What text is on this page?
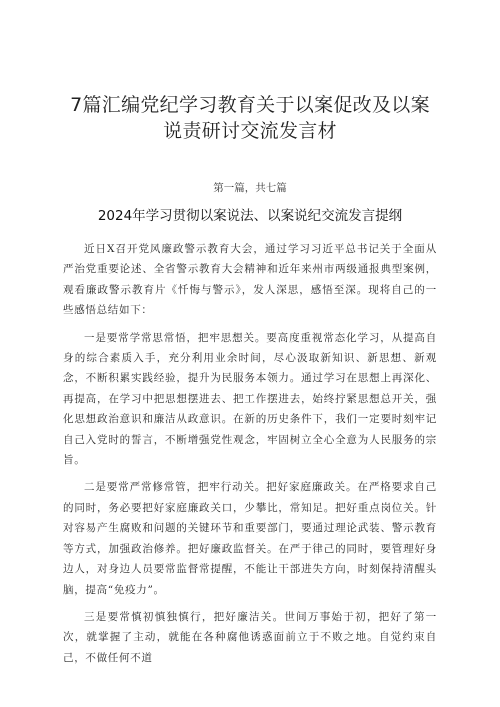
7篇汇编党纪学习教育关于以案促改及以案说责研讨交流发言材
第一篇，共七篇
2024年学习贯彻以案说法、以案说纪交流发言提纲

近日X召开党风廉政警示教育大会，通过学习习近平总书记关于全面从严治党重要论述、全省警示教育大会精神和近年来州市两级通报典型案例，观看廉政警示教育片《忏悔与警示》，发人深思，感悟至深。现将自己的一些感悟总结如下：

一是要常学常思常悟，把牢思想关。要高度重视常态化学习，从提高自身的综合素质入手，充分利用业余时间，尽心汲取新知识、新思想、新观念，不断积累实践经验，提升为民服务本领力。通过学习在思想上再深化、再提高，在学习中把思想摆进去、把工作摆进去，始终拧紧思想总开关，强化思想政治意识和廉洁从政意识。在新的历史条件下，我们一定要时刻牢记自己入党时的誓言，不断增强党性观念，牢固树立全心全意为人民服务的宗旨。

二是要常严常修常管，把牢行动关。把好家庭廉政关。在严格要求自己的同时，务必要把好家庭廉政关口，少攀比，常知足。把好重点岗位关。针对容易产生腐败和问题的关键环节和重要部门，要通过理论武装、警示教育等方式，加强政治修养。把好廉政监督关。在严于律己的同时，要管理好身边人，对身边人员要常监督常提醒，不能让干部进失方向，时刻保持清醒头脑，提高“免疫力”。

三是要常慎初慎独慎行，把好廉洁关。世间万事始于初，把好了第一次，就掌握了主动，就能在各种腐他诱惑面前立于不败之地。自觉约束自己，不做任何不道
